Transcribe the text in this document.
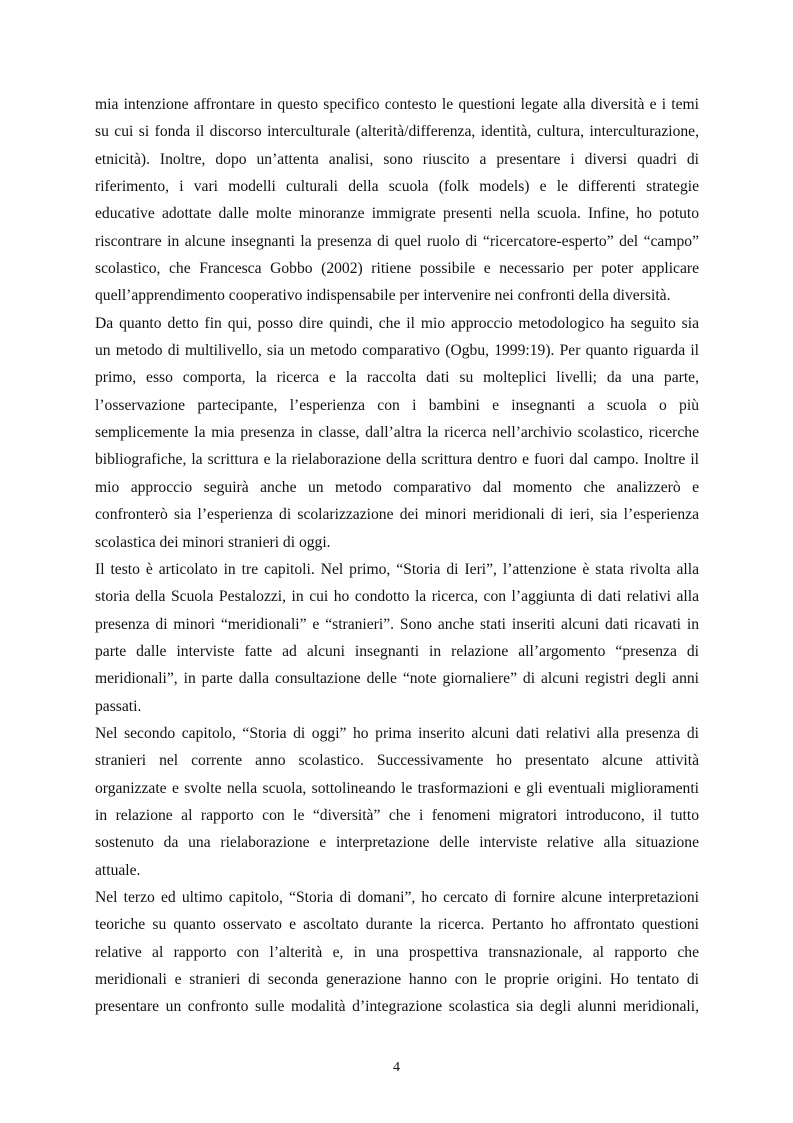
mia intenzione affrontare in questo specifico contesto le questioni legate alla diversità e i temi
su cui si fonda il discorso interculturale (alterità/differenza, identità, cultura, interculturazione,
etnicità). Inoltre, dopo un’attenta analisi, sono riuscito a presentare i diversi quadri di
riferimento, i vari modelli culturali della scuola (folk models) e le differenti strategie
educative adottate dalle molte minoranze immigrate presenti nella scuola. Infine, ho potuto
riscontrare in alcune insegnanti la presenza di quel ruolo di “ricercatore-esperto” del “campo”
scolastico, che Francesca Gobbo (2002) ritiene possibile e necessario per poter applicare
quell’apprendimento cooperativo indispensabile per intervenire nei confronti della diversità.

Da quanto detto fin qui, posso dire quindi, che il mio approccio metodologico ha seguito sia
un metodo di multilivello, sia un metodo comparativo (Ogbu, 1999:19). Per quanto riguarda il
primo, esso comporta, la ricerca e la raccolta dati su molteplici livelli; da una parte,
l’osservazione partecipante, l’esperienza con i bambini e insegnanti a scuola o più
semplicemente la mia presenza in classe, dall’altra la ricerca nell’archivio scolastico, ricerche
bibliografiche, la scrittura e la rielaborazione della scrittura dentro e fuori dal campo. Inoltre il
mio approccio seguirà anche un metodo comparativo dal momento che analizzerò e
confronterò sia l’esperienza di scolarizzazione dei minori meridionali di ieri, sia l’esperienza
scolastica dei minori stranieri di oggi.

Il testo è articolato in tre capitoli. Nel primo, “Storia di Ieri”, l’attenzione è stata rivolta alla
storia della Scuola Pestalozzi, in cui ho condotto la ricerca, con l’aggiunta di dati relativi alla
presenza di minori “meridionali” e “stranieri”. Sono anche stati inseriti alcuni dati ricavati in
parte dalle interviste fatte ad alcuni insegnanti in relazione all’argomento “presenza di
meridionali”, in parte dalla consultazione delle “note giornaliere” di alcuni registri degli anni
passati.

Nel secondo capitolo, “Storia di oggi” ho prima inserito alcuni dati relativi alla presenza di
stranieri nel corrente anno scolastico. Successivamente ho presentato alcune attività
organizzate e svolte nella scuola, sottolineando le trasformazioni e gli eventuali miglioramenti
in relazione al rapporto con le “diversità” che i fenomeni migratori introducono, il tutto
sostenuto da una rielaborazione e interpretazione delle interviste relative alla situazione
attuale.

Nel terzo ed ultimo capitolo, “Storia di domani”, ho cercato di fornire alcune interpretazioni
teoriche su quanto osservato e ascoltato durante la ricerca. Pertanto ho affrontato questioni
relative al rapporto con l’alterità e, in una prospettiva transnazionale, al rapporto che
meridionali e stranieri di seconda generazione hanno con le proprie origini. Ho tentato di
presentare un confronto sulle modalità d’integrazione scolastica sia degli alunni meridionali,

4
